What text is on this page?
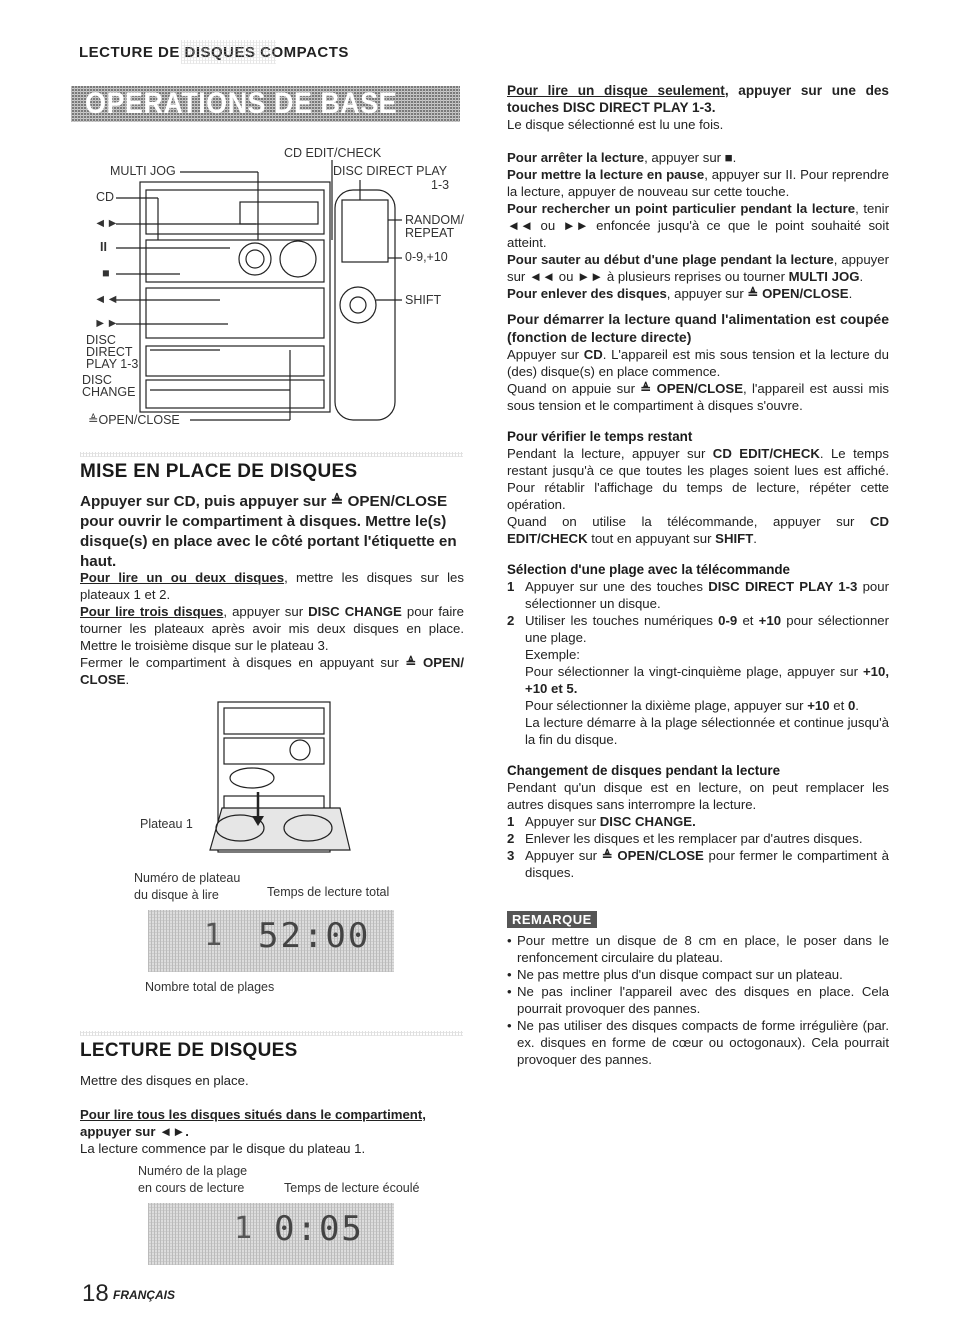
LECTURE DE DISQUES COMPACTS
OPERATIONS DE BASE
MULTI JOG
CD EDIT/CHECK
DISC DIRECT PLAY
1-3
CD
◄►
II
■
◄◄
►►
DISC
DIRECT
PLAY 1-3
DISC
CHANGE
≜OPEN/CLOSE
RANDOM/
REPEAT
0-9,+10
SHIFT
MISE EN PLACE DE DISQUES
Appuyer sur CD, puis appuyer sur ≜ OPEN/CLOSE pour ouvrir le compartiment à disques. Mettre le(s) disque(s) en place avec le côté portant l'étiquette en haut.

Pour lire un ou deux disques, mettre les disques sur les plateaux 1 et 2.

Pour lire trois disques, appuyer sur DISC CHANGE pour faire tourner les plateaux après avoir mis deux disques en place. Mettre le troisième disque sur le plateau 3.

Fermer le compartiment à disques en appuyant sur ≜ OPEN/ CLOSE.

Plateau 1
Numéro de plateau
du disque à lire	Temps de lecture total
1 52:00
Nombre total de plages
LECTURE DE DISQUES

Mettre des disques en place.

Pour lire tous les disques situés dans le compartiment,

appuyer sur ◄►.

La lecture commence par le disque du plateau 1.

Numéro de la plage
en cours de lecture	Temps de lecture écoulé
1 0:05
18 FRANÇAIS

Pour lire un disque seulement, appuyer sur une des touches DISC DIRECT PLAY 1-3.

Le disque sélectionné est lu une fois.

Pour arrêter la lecture, appuyer sur ■.

Pour mettre la lecture en pause, appuyer sur II. Pour reprendre la lecture, appuyer de nouveau sur cette touche.

Pour rechercher un point particulier pendant la lecture, tenir ◄◄ ou ►► enfoncée jusqu'à ce que le point souhaité soit atteint.

Pour sauter au début d'une plage pendant la lecture, appuyer sur ◄◄ ou ►► à plusieurs reprises ou tourner MULTI JOG.

Pour enlever des disques, appuyer sur ≜ OPEN/CLOSE.

Pour démarrer la lecture quand l'alimentation est coupée (fonction de lecture directe)

Appuyer sur CD. L'appareil est mis sous tension et la lecture du (des) disque(s) en place commence.

Quand on appuie sur ≜ OPEN/CLOSE, l'appareil est aussi mis sous tension et le compartiment à disques s'ouvre.

Pour vérifier le temps restant

Pendant la lecture, appuyer sur CD EDIT/CHECK. Le temps restant jusqu'à ce que toutes les plages soient lues est affiché. Pour rétablir l'affichage du temps de lecture, répéter cette opération.

Quand on utilise la télécommande, appuyer sur CD EDIT/CHECK tout en appuyant sur SHIFT.

Sélection d'une plage avec la télécommande

1 Appuyer sur une des touches DISC DIRECT PLAY 1-3 pour sélectionner un disque.
2 Utiliser les touches numériques 0-9 et +10 pour sélectionner une plage.
Exemple:
Pour sélectionner la vingt-cinquième plage, appuyer sur +10, +10 et 5.
Pour sélectionner la dixième plage, appuyer sur +10 et 0.
La lecture démarre à la plage sélectionnée et continue jusqu'à la fin du disque.

Changement de disques pendant la lecture

Pendant qu'un disque est en lecture, on peut remplacer les autres disques sans interrompre la lecture.

1 Appuyer sur DISC CHANGE.
2 Enlever les disques et les remplacer par d'autres disques.
3 Appuyer sur ≜ OPEN/CLOSE pour fermer le compartiment à disques.
REMARQUE
• Pour mettre un disque de 8 cm en place, le poser dans le renfoncement circulaire du plateau.
• Ne pas mettre plus d'un disque compact sur un plateau.
• Ne pas incliner l'appareil avec des disques en place. Cela pourrait provoquer des pannes.
• Ne pas utiliser des disques compacts de forme irrégulière (par. ex. disques en forme de cœur ou octogonaux). Cela pourrait provoquer des pannes.
